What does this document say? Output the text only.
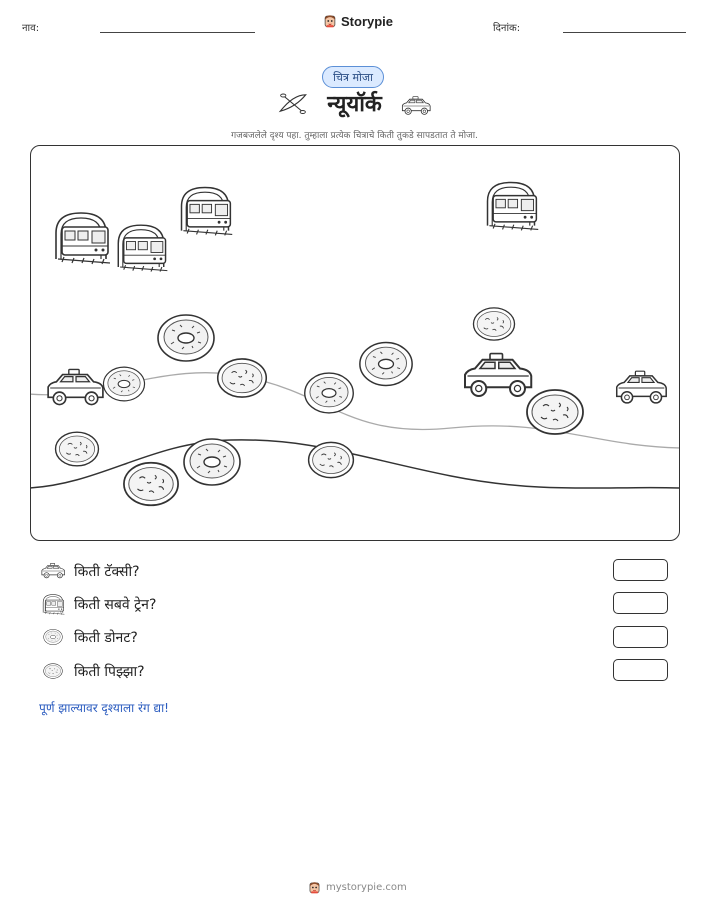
नाव:	Storypie	दिनांक:
चित्र मोजा
न्यूयॉर्क
गजबजलेले दृश्य पहा. तुम्हाला प्रत्येक चित्राचे किती तुकडे सापडतात ते मोजा.
किती टॅक्सी?
किती सबवे ट्रेन?
किती डोनट?
किती पिझ्झा?
पूर्ण झाल्यावर दृश्याला रंग द्या!
mystorypie.com
